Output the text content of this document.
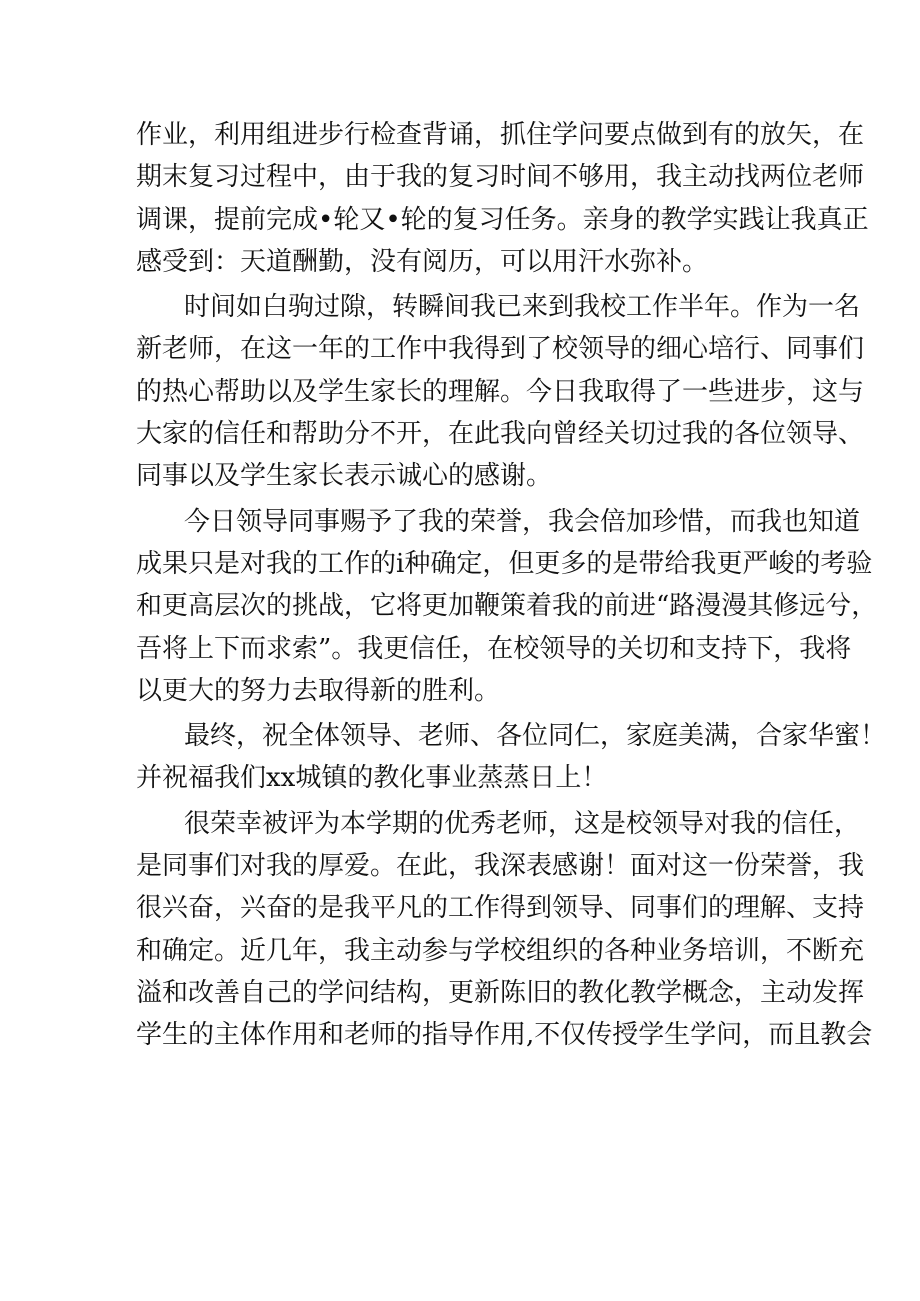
作业，利用组进步行检查背诵，抓住学问要点做到有的放矢，在
期末复习过程中，由于我的复习时间不够用，我主动找两位老师
调课，提前完成•轮又•轮的复习任务。亲身的教学实践让我真正
感受到：天道酬勤，没有阅历，可以用汗水弥补。
时间如白驹过隙，转瞬间我已来到我校工作半年。作为一名
新老师，在这一年的工作中我得到了校领导的细心培行、同事们
的热心帮助以及学生家长的理解。今日我取得了一些进步，这与
大家的信任和帮助分不开，在此我向曾经关切过我的各位领导、
同事以及学生家长表示诚心的感谢。
今日领导同事赐予了我的荣誉，我会倍加珍惜，而我也知道
成果只是对我的工作的i种确定，但更多的是带给我更严峻的考验
和更高层次的挑战，它将更加鞭策着我的前进“路漫漫其修远兮，
吾将上下而求索”。我更信任，在校领导的关切和支持下，我将
以更大的努力去取得新的胜利。
最终，祝全体领导、老师、各位同仁，家庭美满，合家华蜜！
并祝福我们xx城镇的教化事业蒸蒸日上！
很荣幸被评为本学期的优秀老师，这是校领导对我的信任，
是同事们对我的厚爱。在此，我深表感谢！面对这一份荣誉，我
很兴奋，兴奋的是我平凡的工作得到领导、同事们的理解、支持
和确定。近几年，我主动参与学校组织的各种业务培训，不断充
溢和改善自己的学问结构，更新陈旧的教化教学概念，主动发挥
学生的主体作用和老师的指导作用,不仅传授学生学问，而且教会
